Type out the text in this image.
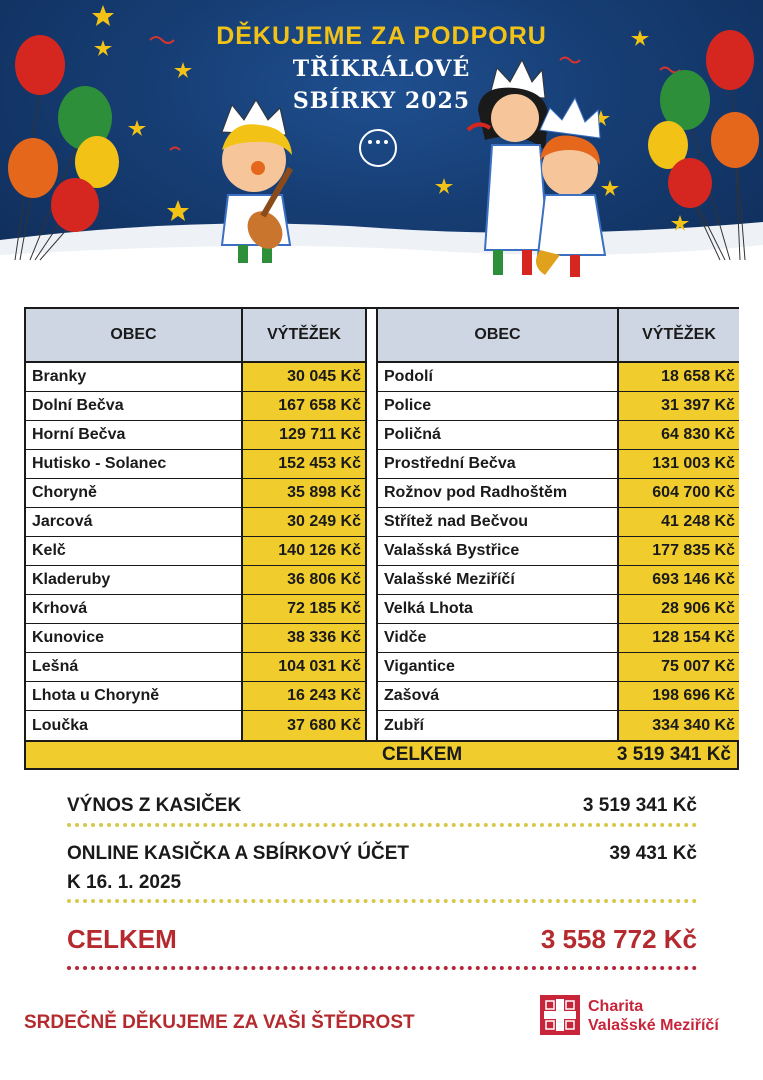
DĚKUJEME ZA PODPORU
TŘÍKRÁLOVÉ
SBÍRKY 2025
OBEC	VÝTĚŽEK
Branky	30 045 Kč
Dolní Bečva	167 658 Kč
Horní Bečva	129 711 Kč
Hutisko - Solanec	152 453 Kč
Choryně	35 898 Kč
Jarcová	30 249 Kč
Kelč	140 126 Kč
Kladeruby	36 806 Kč
Krhová	72 185 Kč
Kunovice	38 336 Kč
Lešná	104 031 Kč
Lhota u Choryně	16 243 Kč
Loučka	37 680 Kč
OBEC	VÝTĚŽEK
Podolí	18 658 Kč
Police	31 397 Kč
Poličná	64 830 Kč
Prostřední Bečva	131 003 Kč
Rožnov pod Radhoštěm	604 700 Kč
Střítež nad Bečvou	41 248 Kč
Valašská Bystřice	177 835 Kč
Valašské Meziříčí	693 146 Kč
Velká Lhota	28 906 Kč
Vidče	128 154 Kč
Vigantice	75 007 Kč
Zašová	198 696 Kč
Zubří	334 340 Kč
CELKEM	3 519 341 Kč
VÝNOS Z KASIČEK	3 519 341 Kč
ONLINE KASIČKA A SBÍRKOVÝ ÚČET
K 16. 1. 2025
39 431 Kč
CELKEM	3 558 772 Kč
SRDEČNĚ DĚKUJEME ZA VAŠI ŠTĚDROST
Charita
Valašské Meziříčí
